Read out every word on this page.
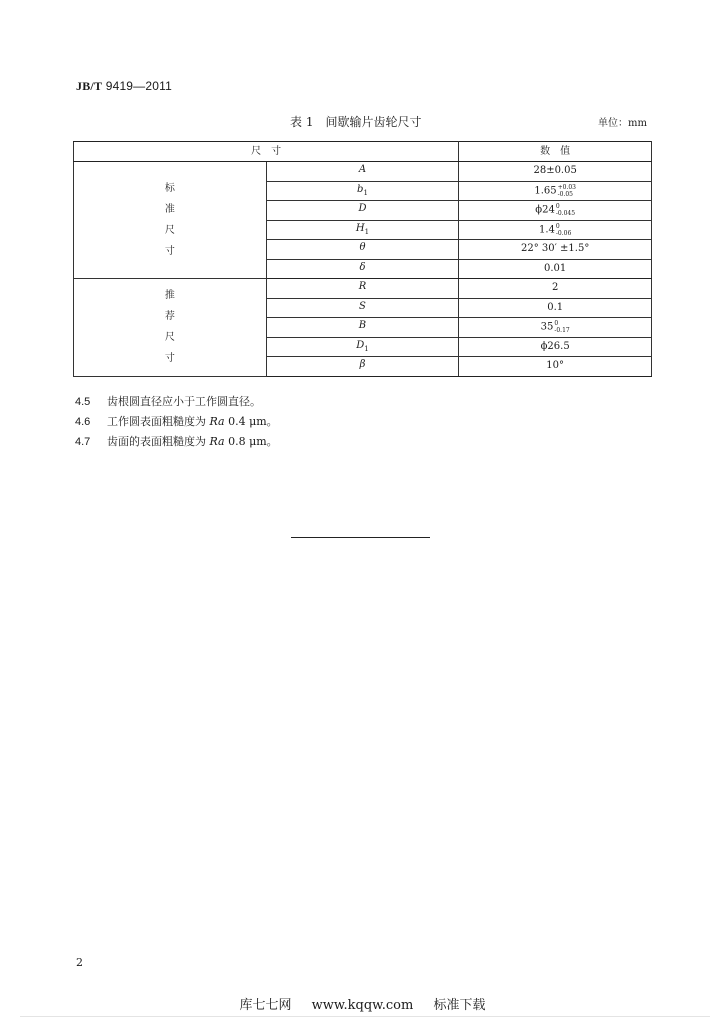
JB/T 9419—2011
表 1　间歇输片齿轮尺寸	单位：mm
尺　寸		数　值

标
准
尺
寸	A	28±0.05
	$b_1$	1.65 +0.03
-0.05

	D	ϕ24 0
-0.045

	$H_1$	1.4 0
-0.06

	θ	22° 30′ ±1.5°
	δ	0.01

推
荐
尺
寸	R	2
	S	0.1
	B	35 0
-0.17

	$D_1$	ϕ26.5
	β	10°
4.5 齿根圆直径应小于工作圆直径。
4.6 工作圆表面粗糙度为 Ra 0.4 μm。
4.7 齿面的表面粗糙度为 Ra 0.8 μm。
2
库七七网 www.kqqw.com 标准下载
